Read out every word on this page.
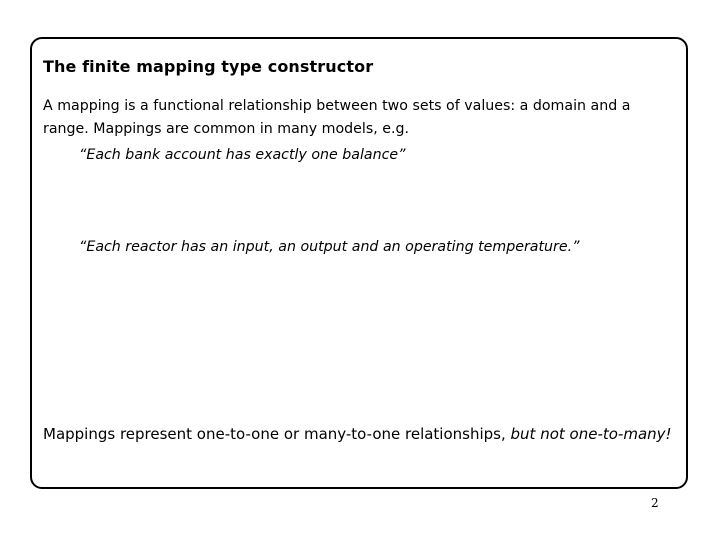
The finite mapping type constructor
A mapping is a functional relationship between two sets of values: a domain and a range. Mappings are common in many models, e.g.
“Each bank account has exactly one balance”
“Each reactor has an input, an output and an operating temperature.”
Mappings represent one-to-one or many-to-one relationships, but not one-to-many!
2
